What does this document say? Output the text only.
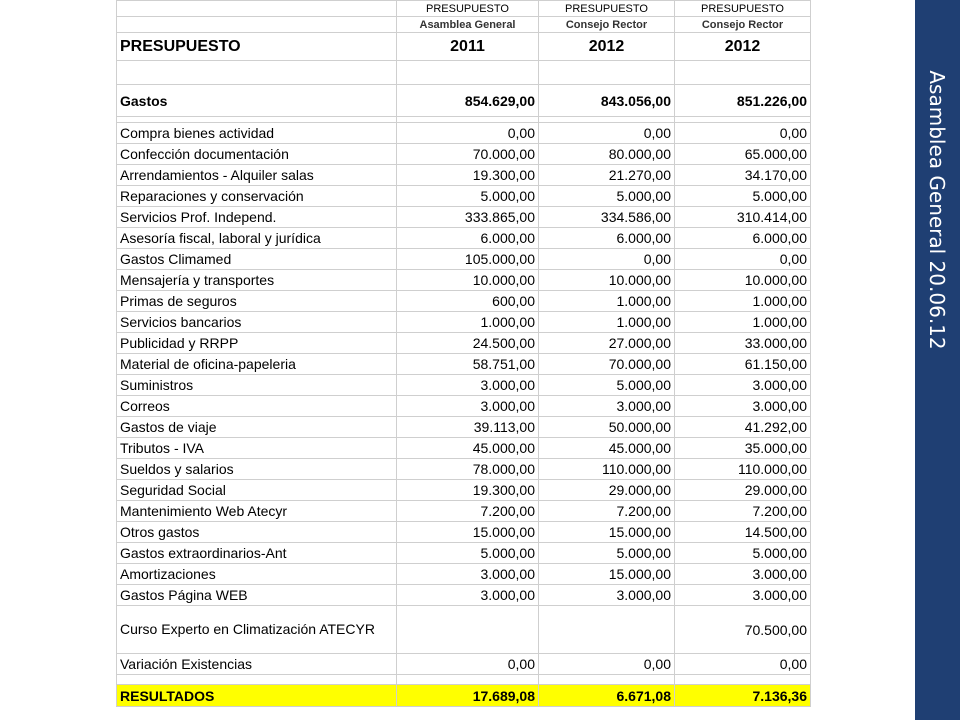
Asamblea General 20.06.12
	PRESUPUESTO	PRESUPUESTO	PRESUPUESTO
	Asamblea General	Consejo Rector	Consejo Rector
PRESUPUESTO	2011	2012	2012

Gastos	854.629,00	843.056,00	851.226,00

Compra bienes actividad	0,00	0,00	0,00
Confección documentación	70.000,00	80.000,00	65.000,00
Arrendamientos - Alquiler salas	19.300,00	21.270,00	34.170,00
Reparaciones y conservación	5.000,00	5.000,00	5.000,00
Servicios Prof. Independ.	333.865,00	334.586,00	310.414,00
Asesoría fiscal, laboral y jurídica	6.000,00	6.000,00	6.000,00
Gastos Climamed	105.000,00	0,00	0,00
Mensajería y transportes	10.000,00	10.000,00	10.000,00
Primas de seguros	600,00	1.000,00	1.000,00
Servicios bancarios	1.000,00	1.000,00	1.000,00
Publicidad y RRPP	24.500,00	27.000,00	33.000,00
Material de oficina-papeleria	58.751,00	70.000,00	61.150,00
Suministros	3.000,00	5.000,00	3.000,00
Correos	3.000,00	3.000,00	3.000,00
Gastos de viaje	39.113,00	50.000,00	41.292,00
Tributos - IVA	45.000,00	45.000,00	35.000,00
Sueldos y salarios	78.000,00	110.000,00	110.000,00
Seguridad Social	19.300,00	29.000,00	29.000,00
Mantenimiento Web Atecyr	7.200,00	7.200,00	7.200,00
Otros gastos	15.000,00	15.000,00	14.500,00
Gastos extraordinarios-Ant	5.000,00	5.000,00	5.000,00
Amortizaciones	3.000,00	15.000,00	3.000,00
Gastos Página WEB	3.000,00	3.000,00	3.000,00
Curso Experto en Climatización ATECYR			70.500,00
Variación Existencias	0,00	0,00	0,00

RESULTADOS	17.689,08	6.671,08	7.136,36
